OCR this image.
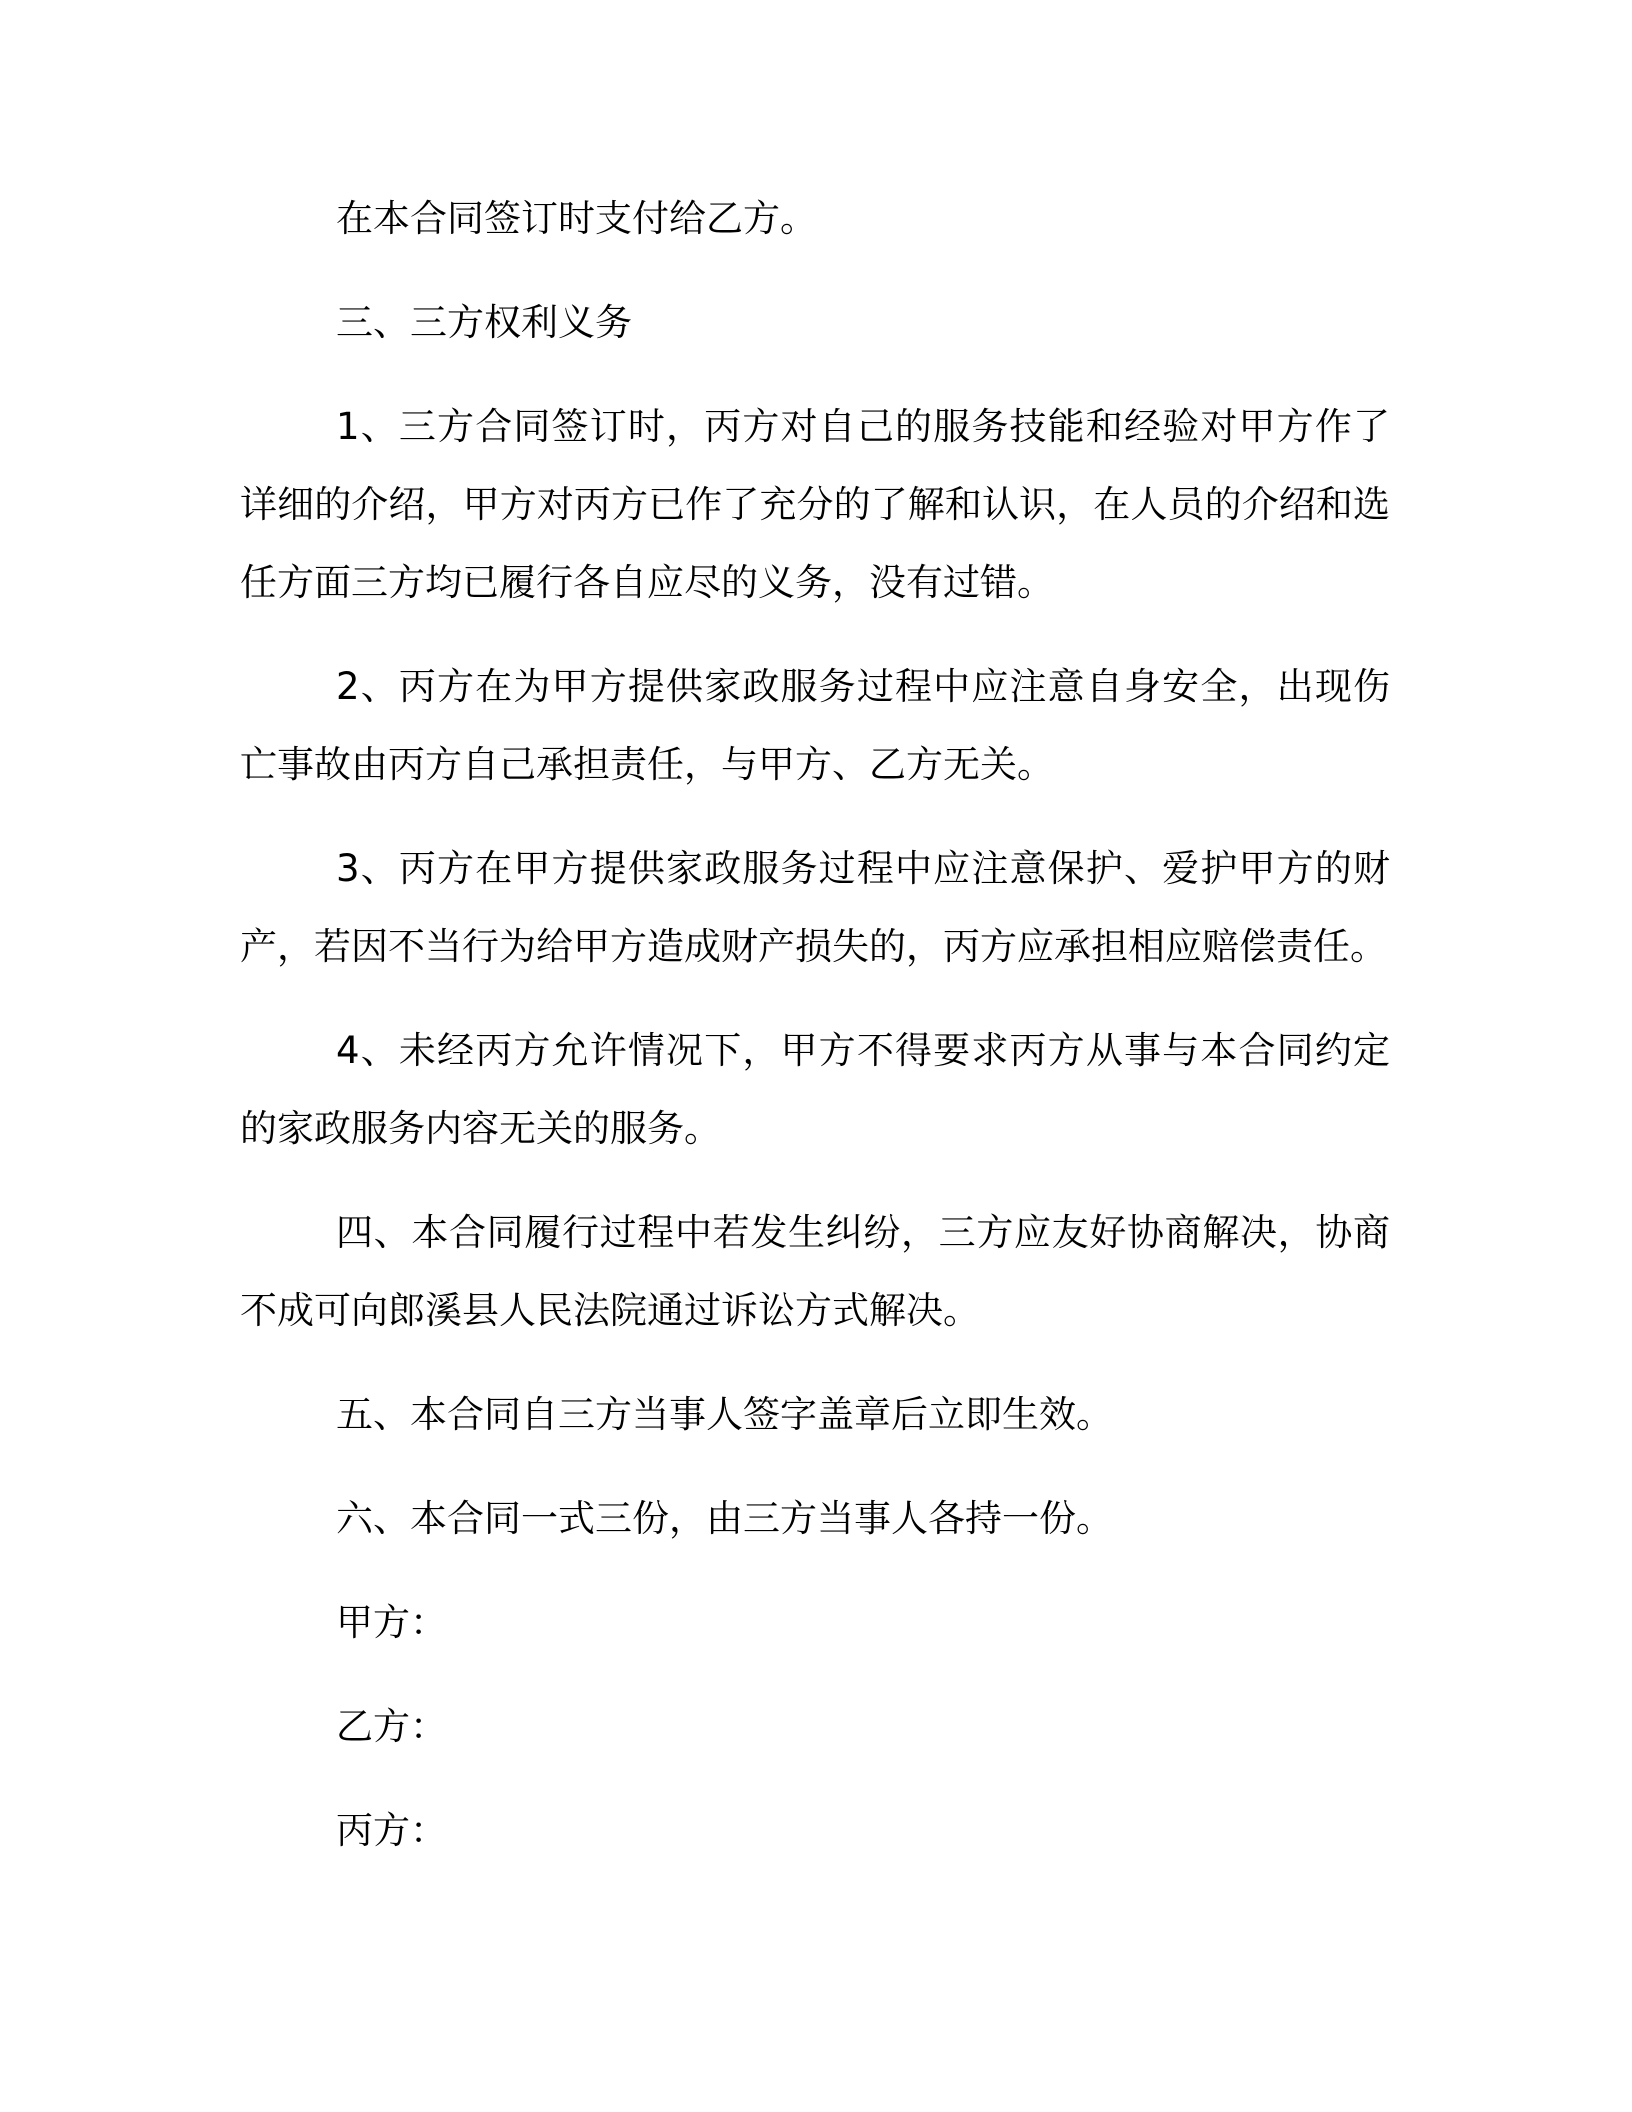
在本合同签订时支付给乙方。

三、三方权利义务

1、三方合同签订时，丙方对自己的服务技能和经验对甲方作了详细的介绍，甲方对丙方已作了充分的了解和认识，在人员的介绍和选任方面三方均已履行各自应尽的义务，没有过错。

2、丙方在为甲方提供家政服务过程中应注意自身安全，出现伤亡事故由丙方自己承担责任，与甲方、乙方无关。

3、丙方在甲方提供家政服务过程中应注意保护、爱护甲方的财产，若因不当行为给甲方造成财产损失的，丙方应承担相应赔偿责任。

4、未经丙方允许情况下，甲方不得要求丙方从事与本合同约定的家政服务内容无关的服务。

四、本合同履行过程中若发生纠纷，三方应友好协商解决，协商不成可向郎溪县人民法院通过诉讼方式解决。

五、本合同自三方当事人签字盖章后立即生效。

六、本合同一式三份，由三方当事人各持一份。

甲方：
乙方：
丙方：
